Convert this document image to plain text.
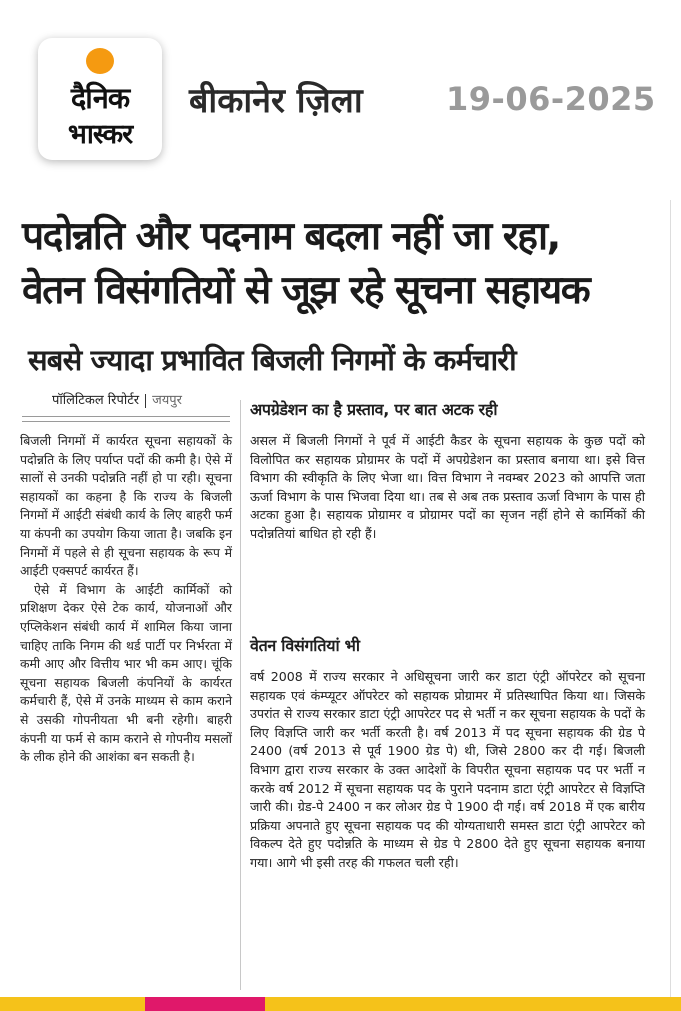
दैनिक
भास्कर
बीकानेर ज़िला	19-06-2025
पदोन्नति और पदनाम बदला नहीं जा रहा,
वेतन विसंगतियों से जूझ रहे सूचना सहायक
सबसे ज्यादा प्रभावित बिजली निगमों के कर्मचारी
पॉलिटिकल रिपोर्टर जयपुर

बिजली निगमों में कार्यरत सूचना सहायकों के पदोन्नति के लिए पर्याप्त पदों की कमी है। ऐसे में सालों से उनकी पदोन्नति नहीं हो पा रही। सूचना सहायकों का कहना है कि राज्य के बिजली निगमों में आईटी संबंधी कार्य के लिए बाहरी फर्म या कंपनी का उपयोग किया जाता है। जबकि इन निगमों में पहले से ही सूचना सहायक के रूप में आईटी एक्सपर्ट कार्यरत हैं।

ऐसे में विभाग के आईटी कार्मिकों को प्रशिक्षण देकर ऐसे टेक कार्य, योजनाओं और एप्लिकेशन संबंधी कार्य में शामिल किया जाना चाहिए ताकि निगम की थर्ड पार्टी पर निर्भरता में कमी आए और वित्तीय भार भी कम आए। चूंकि सूचना सहायक बिजली कंपनियों के कार्यरत कर्मचारी हैं, ऐसे में उनके माध्यम से काम कराने से उसकी गोपनीयता भी बनी रहेगी। बाहरी कंपनी या फर्म से काम कराने से गोपनीय मसलों के लीक होने की आशंका बन सकती है।

अपग्रेडेशन का है प्रस्ताव, पर बात अटक रही
असल में बिजली निगमों ने पूर्व में आईटी कैडर के सूचना सहायक के कुछ पदों को विलोपित कर सहायक प्रोग्रामर के पदों में अपग्रेडेशन का प्रस्ताव बनाया था। इसे वित्त विभाग की स्वीकृति के लिए भेजा था। वित्त विभाग ने नवम्बर 2023 को आपत्ति जता ऊर्जा विभाग के पास भिजवा दिया था। तब से अब तक प्रस्ताव ऊर्जा विभाग के पास ही अटका हुआ है। सहायक प्रोग्रामर व प्रोग्रामर पदों का सृजन नहीं होने से कार्मिकों की पदोन्नतियां बाधित हो रही हैं।
वेतन विसंगतियां भी
वर्ष 2008 में राज्य सरकार ने अधिसूचना जारी कर डाटा एंट्री ऑपरेटर को सूचना सहायक एवं कंम्प्यूटर ऑपरेटर को सहायक प्रोग्रामर में प्रतिस्थापित किया था। जिसके उपरांत से राज्य सरकार डाटा एंट्री आपरेटर पद से भर्ती न कर सूचना सहायक के पदों के लिए विज्ञप्ति जारी कर भर्ती करती है। वर्ष 2013 में पद सूचना सहायक की ग्रेड पे 2400 (वर्ष 2013 से पूर्व 1900 ग्रेड पे) थी, जिसे 2800 कर दी गई। बिजली विभाग द्वारा राज्य सरकार के उक्त आदेशों के विपरीत सूचना सहायक पद पर भर्ती न करके वर्ष 2012 में सूचना सहायक पद के पुराने पदनाम डाटा एंट्री आपरेटर से विज्ञप्ति जारी की। ग्रेड-पे 2400 न कर लोअर ग्रेड पे 1900 दी गई। वर्ष 2018 में एक बारीय प्रक्रिया अपनाते हुए सूचना सहायक पद की योग्यताधारी समस्त डाटा एंट्री आपरेटर को विकल्प देते हुए पदोन्नति के माध्यम से ग्रेड पे 2800 देते हुए सूचना सहायक बनाया गया। आगे भी इसी तरह की गफलत चली रही।
